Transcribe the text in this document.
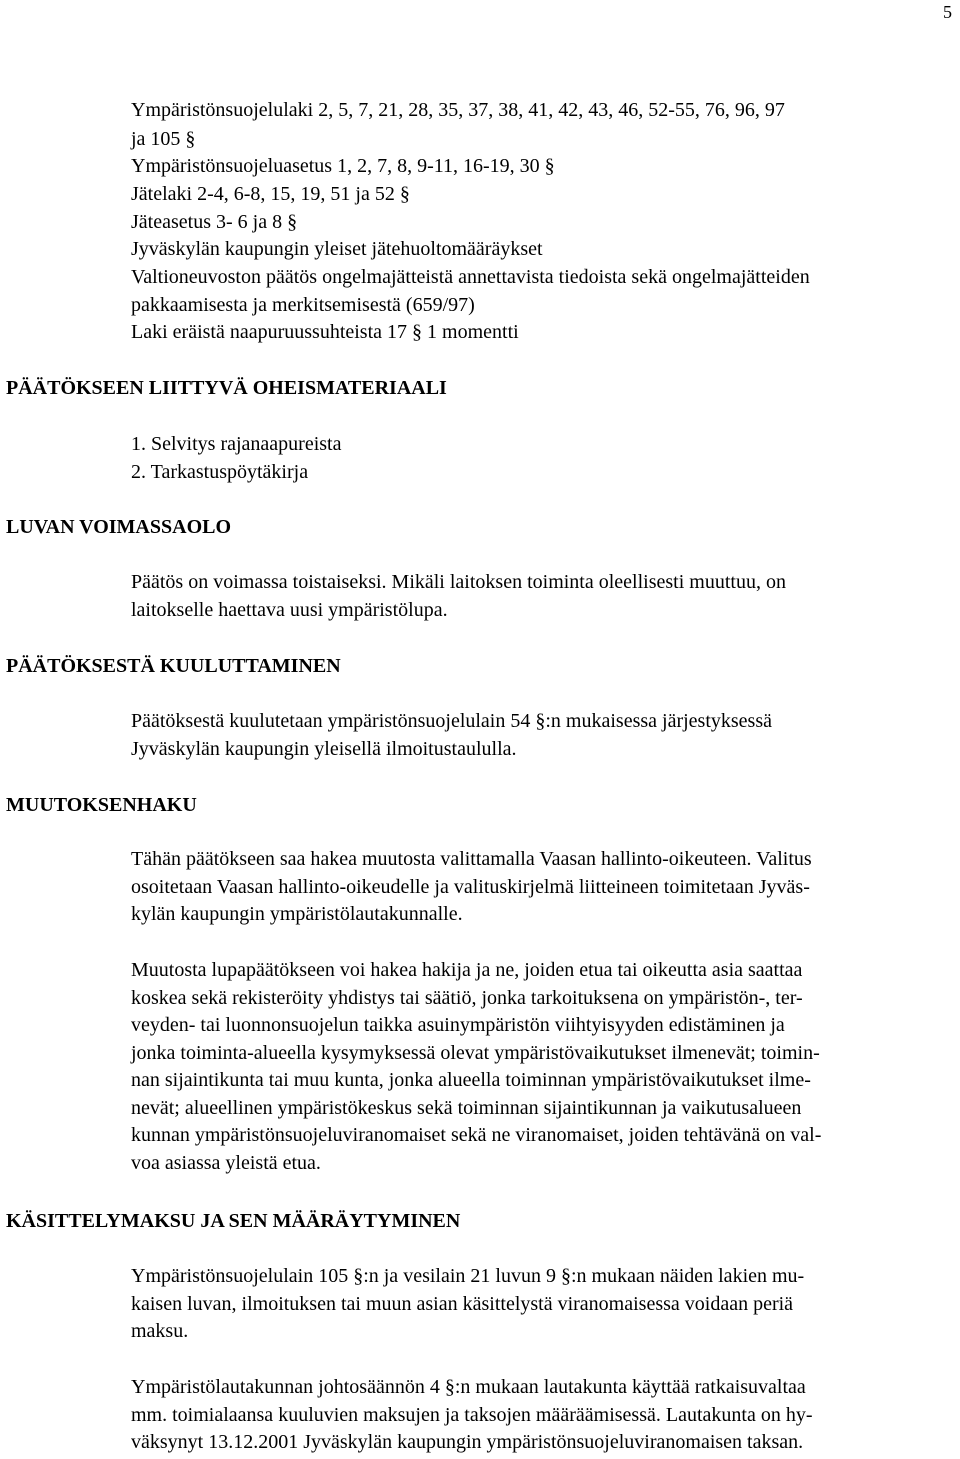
5
Ympäristönsuojelulaki 2, 5, 7, 21, 28, 35, 37, 38, 41, 42, 43, 46, 52-55, 76, 96, 97
ja 105 §
Ympäristönsuojeluasetus 1, 2, 7, 8, 9-11, 16-19, 30 §
Jätelaki 2-4, 6-8, 15, 19, 51 ja 52 §
Jäteasetus 3- 6 ja 8 §
Jyväskylän kaupungin yleiset jätehuoltomääräykset
Valtioneuvoston päätös ongelmajätteistä annettavista tiedoista sekä ongelmajätteiden
pakkaamisesta ja merkitsemisestä (659/97)
Laki eräistä naapuruussuhteista 17 § 1 momentti
PÄÄTÖKSEEN LIITTYVÄ OHEISMATERIAALI
1. Selvitys rajanaapureista
2. Tarkastuspöytäkirja
LUVAN VOIMASSAOLO
Päätös on voimassa toistaiseksi. Mikäli laitoksen toiminta oleellisesti muuttuu, on
laitokselle haettava uusi ympäristölupa.
PÄÄTÖKSESTÄ KUULUTTAMINEN
Päätöksestä kuulutetaan ympäristönsuojelulain 54 §:n mukaisessa järjestyksessä
Jyväskylän kaupungin yleisellä ilmoitustaululla.
MUUTOKSENHAKU
Tähän päätökseen saa hakea muutosta valittamalla Vaasan hallinto-oikeuteen. Valitus
osoitetaan Vaasan hallinto-oikeudelle ja valituskirjelmä liitteineen toimitetaan Jyväs-
kylän kaupungin ympäristölautakunnalle.
Muutosta lupapäätökseen voi hakea hakija ja ne, joiden etua tai oikeutta asia saattaa
koskea sekä rekisteröity yhdistys tai säätiö, jonka tarkoituksena on ympäristön-, ter-
veyden- tai luonnonsuojelun taikka asuinympäristön viihtyisyyden edistäminen ja
jonka toiminta-alueella kysymyksessä olevat ympäristövaikutukset ilmenevät; toimin-
nan sijaintikunta tai muu kunta, jonka alueella toiminnan ympäristövaikutukset ilme-
nevät; alueellinen ympäristökeskus sekä toiminnan sijaintikunnan ja vaikutusalueen
kunnan ympäristönsuojeluviranomaiset sekä ne viranomaiset, joiden tehtävänä on val-
voa asiassa yleistä etua.
KÄSITTELYMAKSU JA SEN MÄÄRÄYTYMINEN
Ympäristönsuojelulain 105 §:n ja vesilain 21 luvun 9 §:n mukaan näiden lakien mu-
kaisen luvan, ilmoituksen tai muun asian käsittelystä viranomaisessa voidaan periä
maksu.
Ympäristölautakunnan johtosäännön 4 §:n mukaan lautakunta käyttää ratkaisuvaltaa
mm. toimialaansa kuuluvien maksujen ja taksojen määräämisessä. Lautakunta on hy-
väksynyt 13.12.2001 Jyväskylän kaupungin ympäristönsuojeluviranomaisen taksan.
